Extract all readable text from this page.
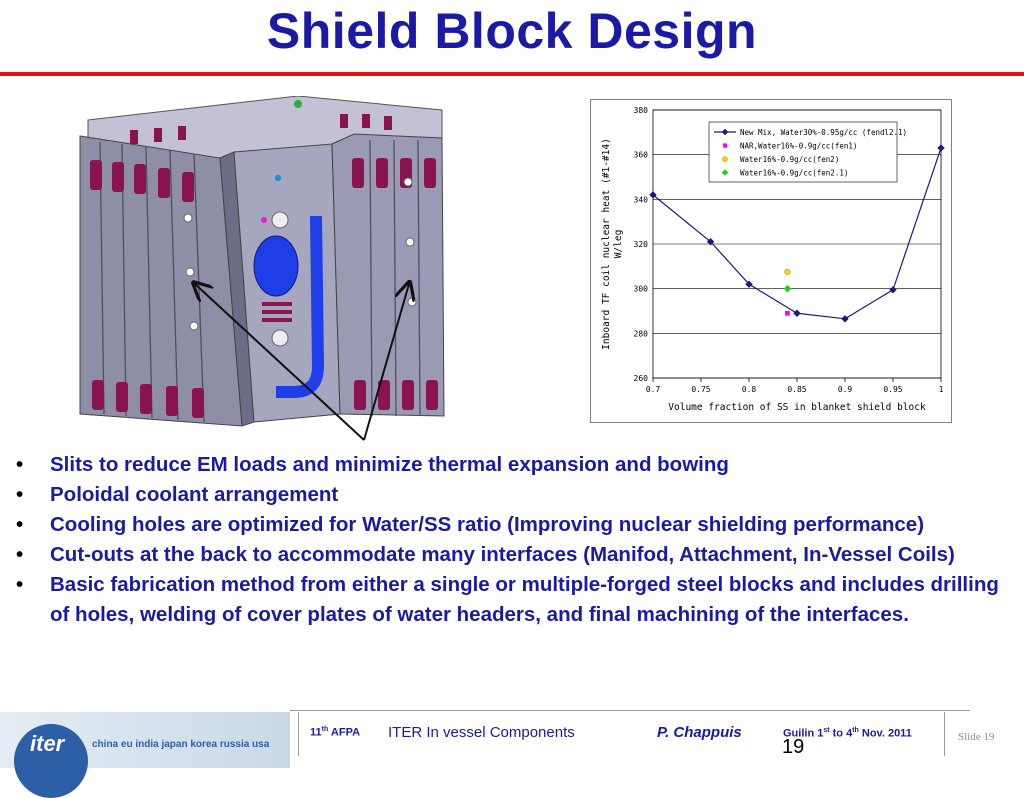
Shield Block Design
260
280
300
320
340
360
380
0.7	0.75	0.8	0.85	0.9	0.95	1
Volume fraction of SS in blanket shield block
Inboard TF coil nuclear heat (#1-#14) W/leg
New Mix, Water30%-0.95g/cc (fendl2.1)
NAR,Water16%-0.9g/cc(fen1)
Water16%-0.9g/cc(fen2)
Water16%-0.9g/cc(fen2.1)
• Slits to reduce EM loads and minimize thermal expansion and bowing
• Poloidal coolant arrangement
• Cooling holes are optimized for Water/SS ratio (Improving nuclear shielding performance)
• Cut-outs at the back to accommodate many interfaces (Manifod, Attachment, In-Vessel Coils)
• Basic fabrication method from either a single or multiple-forged steel blocks and includes drilling of holes, welding of cover plates of water headers, and final machining of the interfaces.
iter	china eu india japan korea russia usa
11th AFPA ITER In vessel Components	P. Chappuis	Guilin 1st to 4th Nov. 2011
19	Slide 19
